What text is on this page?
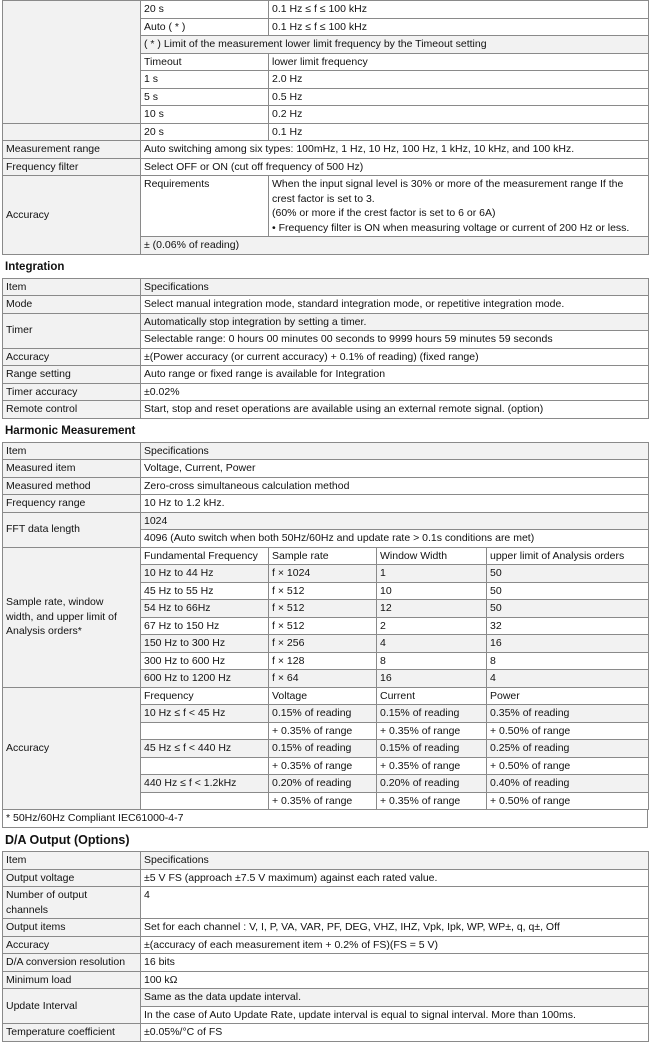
	20 s	0.1 Hz ≤ f ≤ 100 kHz
	Auto ( * )	0.1 Hz ≤ f ≤ 100 kHz
	( * ) Limit of the measurement lower limit frequency by the Timeout setting	
	Timeout	lower limit frequency
	1 s	2.0 Hz
	5 s	0.5 Hz
	10 s	0.2 Hz
	20 s	0.1 Hz
Measurement range	Auto switching among six types: 100mHz, 1 Hz, 10 Hz, 100 Hz, 1 kHz, 10 kHz, and 100 kHz.	
Frequency filter	Select OFF or ON (cut off frequency of 500 Hz)	
Accuracy	Requirements	When the input signal level is 30% or more of the measurement range If the
crest factor is set to 3.
(60% or more if the crest factor is set to 6 or 6A)
• Frequency filter is ON when measuring voltage or current of 200 Hz or less.

	± (0.06% of reading)	
Integration
Item	Specifications
Mode	Select manual integration mode, standard integration mode, or repetitive integration mode.
Timer	Automatically stop integration by setting a timer.
	Selectable range: 0 hours 00 minutes 00 seconds to 9999 hours 59 minutes 59 seconds
Accuracy	±(Power accuracy (or current accuracy) + 0.1% of reading) (fixed range)
Range setting	Auto range or fixed range is available for Integration
Timer accuracy	±0.02%
Remote control	Start, stop and reset operations are available using an external remote signal. (option)
Harmonic Measurement
Item	Specifications			
Measured item	Voltage, Current, Power			
Measured method	Zero-cross simultaneous calculation method			
Frequency range	10 Hz to 1.2 kHz.			
FFT data length	1024			
	4096 (Auto switch when both 50Hz/60Hz and update rate > 0.1s conditions are met)			

Sample rate, window
width, and upper limit of
Analysis orders*	Fundamental Frequency	Sample rate	Window Width	upper limit of Analysis orders
	10 Hz to 44 Hz	f × 1024	1	50
	45 Hz to 55 Hz	f × 512	10	50
	54 Hz to 66Hz	f × 512	12	50
	67 Hz to 150 Hz	f × 512	2	32
	150 Hz to 300 Hz	f × 256	4	16
	300 Hz to 600 Hz	f × 128	8	8
	600 Hz to 1200 Hz	f × 64	16	4
Accuracy	Frequency	Voltage	Current	Power
	10 Hz ≤ f < 45 Hz	0.15% of reading	0.15% of reading	0.35% of reading
		+ 0.35% of range	+ 0.35% of range	+ 0.50% of range
	45 Hz ≤ f < 440 Hz	0.15% of reading	0.15% of reading	0.25% of reading
		+ 0.35% of range	+ 0.35% of range	+ 0.50% of range
	440 Hz ≤ f < 1.2kHz	0.20% of reading	0.20% of reading	0.40% of reading
		+ 0.35% of range	+ 0.35% of range	+ 0.50% of range
* 50Hz/60Hz Compliant IEC61000-4-7
D/A Output (Options)
Item	Specifications
Output voltage	±5 V FS (approach ±7.5 V maximum) against each rated value.

Number of output
channels	4
Output items	Set for each channel : V, I, P, VA, VAR, PF, DEG, VHZ, IHZ, Vpk, Ipk, WP, WP±, q, q±, Off
Accuracy	±(accuracy of each measurement item + 0.2% of FS)(FS = 5 V)
D/A conversion resolution	16 bits
Minimum load	100 kΩ
Update Interval	Same as the data update interval.
	In the case of Auto Update Rate, update interval is equal to signal interval. More than 100ms.
Temperature coefficient	±0.05%/°C of FS
